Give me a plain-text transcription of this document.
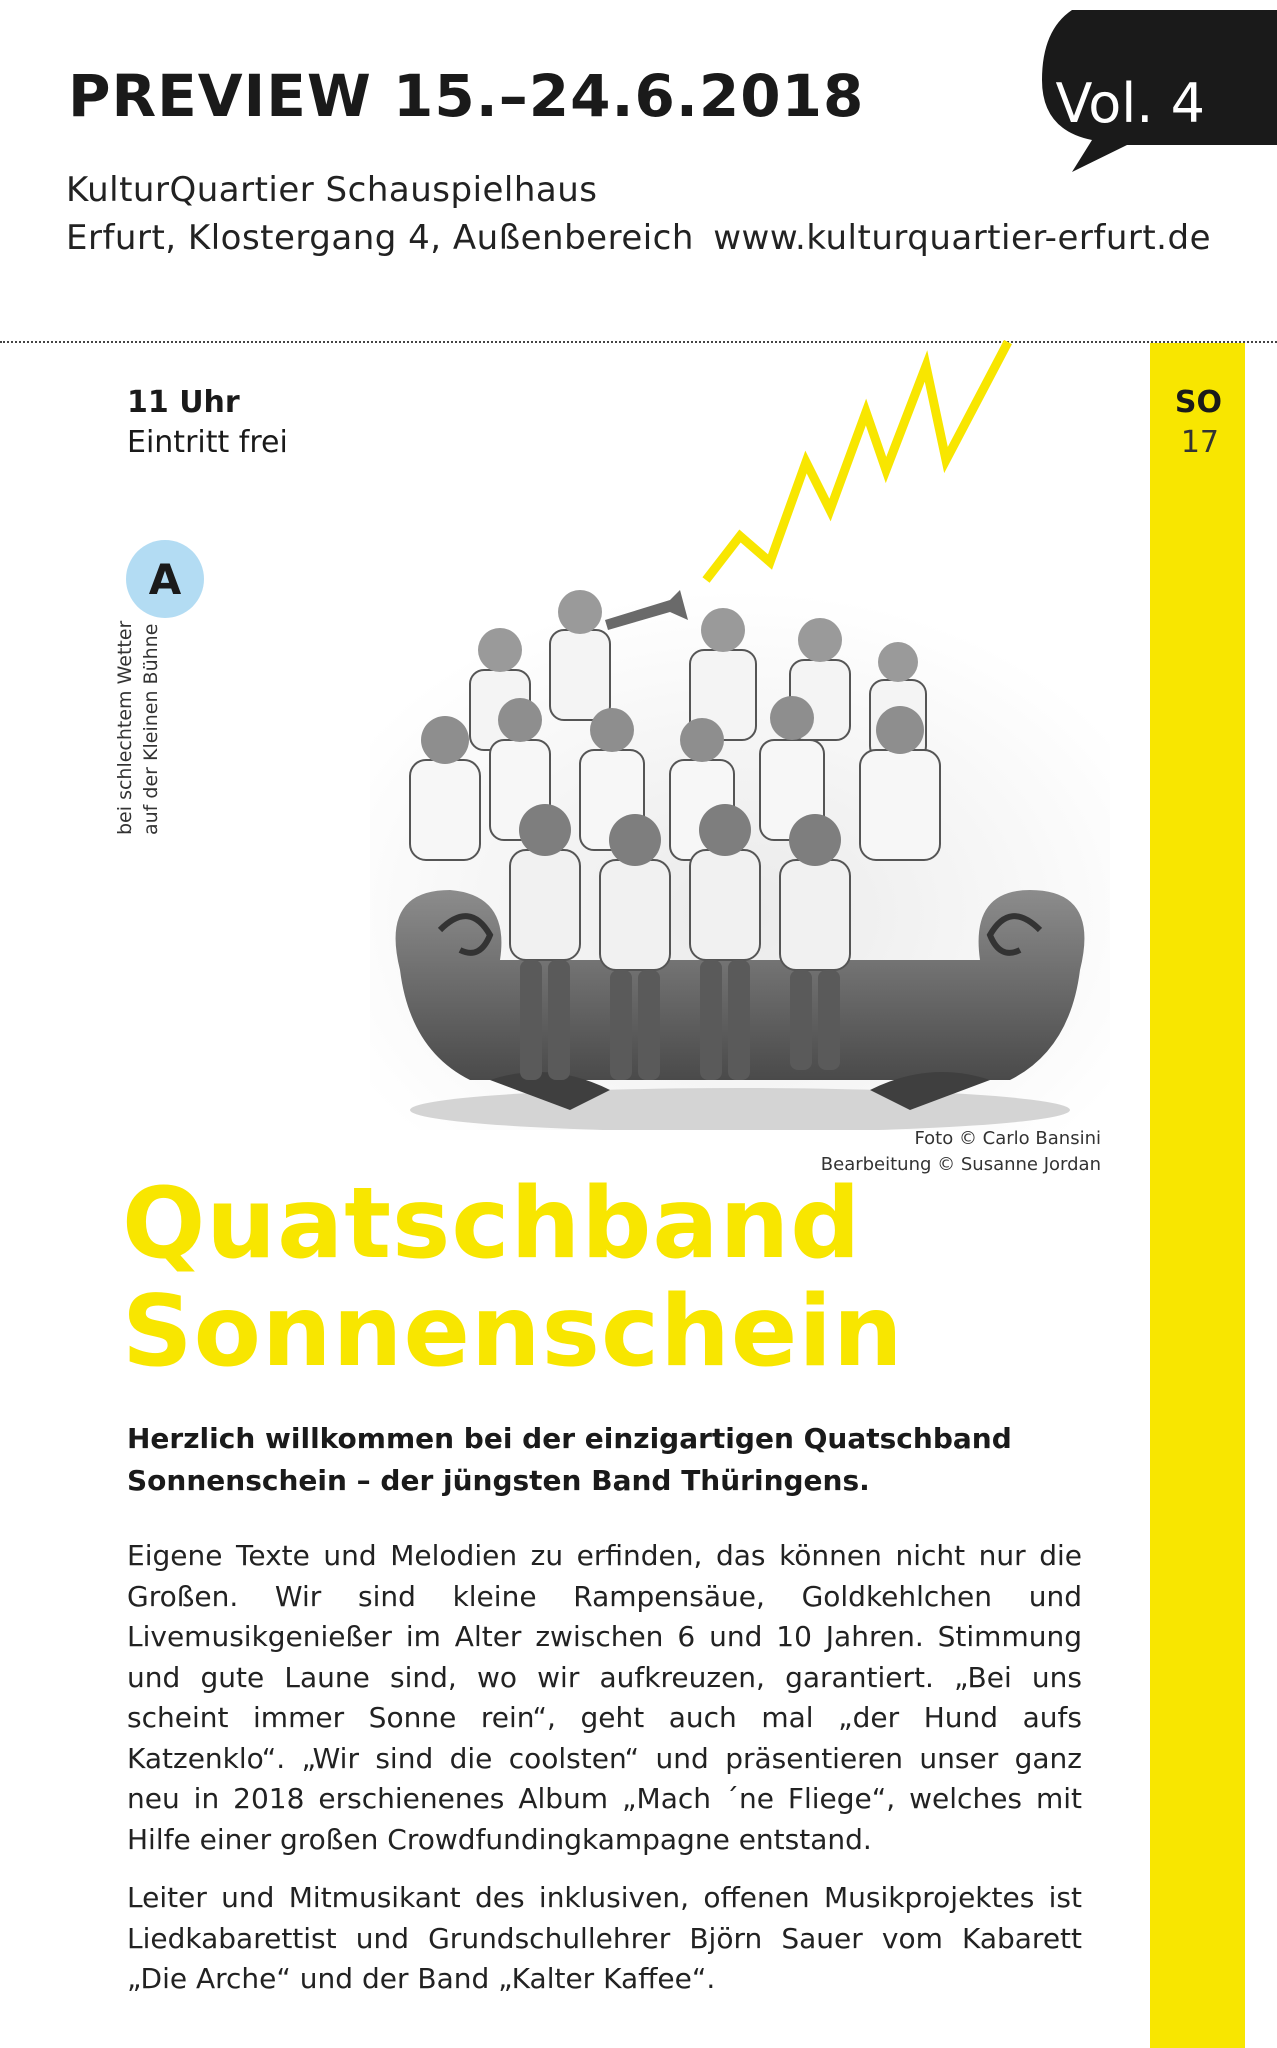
PREVIEW 15.–24.6.2018
KulturQuartier Schauspielhaus
Erfurt, Klostergang 4, Außenbereich www.kulturquartier-erfurt.de
Vol. 4
SO
17
11 Uhr
Eintritt frei
A
bei schlechtem Wetter auf der Kleinen Bühne
Foto © Carlo Bansini
Bearbeitung © Susanne Jordan
Quatschband
Sonnenschein
Herzlich willkommen bei der einzigartigen Quatschband
Sonnenschein – der jüngsten Band Thüringens.
Eigene Texte und Melodien zu erfinden, das können nicht nur die Großen. Wir sind kleine Rampensäue, Goldkehlchen und Livemusikgenießer im Alter zwischen 6 und 10 Jahren. Stimmung und gute Laune sind, wo wir aufkreuzen, garantiert. „Bei uns scheint immer Sonne rein“, geht auch mal „der Hund aufs Katzenklo“. „Wir sind die coolsten“ und präsentieren unser ganz neu in 2018 erschienenes Album „Mach ´ne Fliege“, welches mit Hilfe einer großen Crowdfundingkampagne entstand.
Leiter und Mitmusikant des inklusiven, offenen Musikprojektes ist Liedkabarettist und Grundschullehrer Björn Sauer vom Kabarett „Die Arche“ und der Band „Kalter Kaffee“.
